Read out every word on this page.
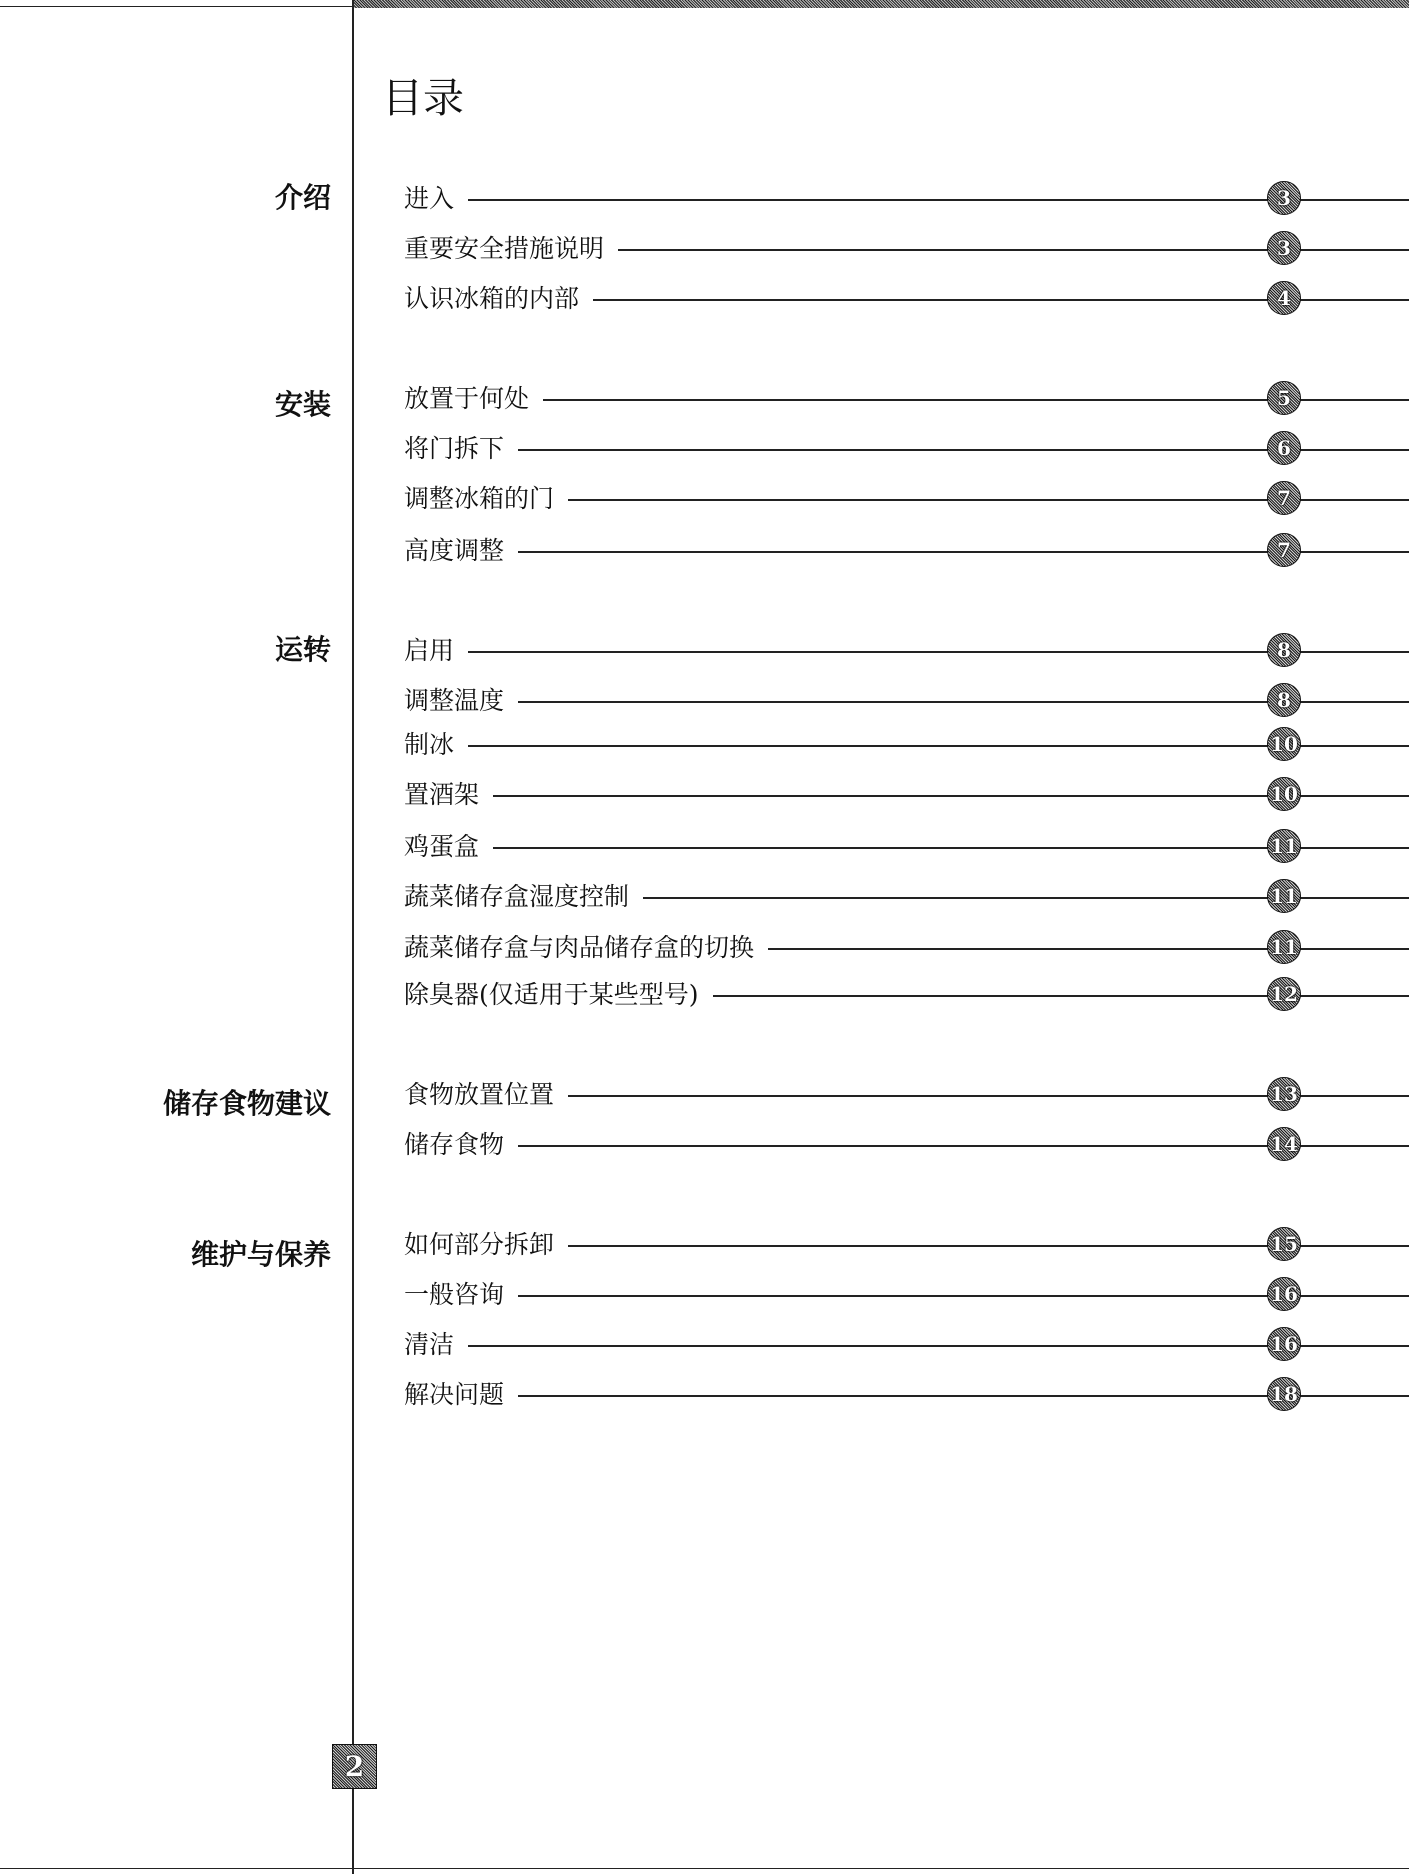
目录
介绍	进入	3
重要安全措施说明	3
认识冰箱的内部	4
安装	放置于何处	5
将门拆下	6
调整冰箱的门	7
高度调整	7
运转	启用	8
调整温度	8
制冰	10
置酒架	10
鸡蛋盒	11
蔬菜储存盒湿度控制	11
蔬菜储存盒与肉品储存盒的切换	11
除臭器(仅适用于某些型号)	12
储存食物建议	食物放置位置	13
储存食物	14
维护与保养	如何部分拆卸	15
一般咨询	16
清洁	16
解决问题	18
2
